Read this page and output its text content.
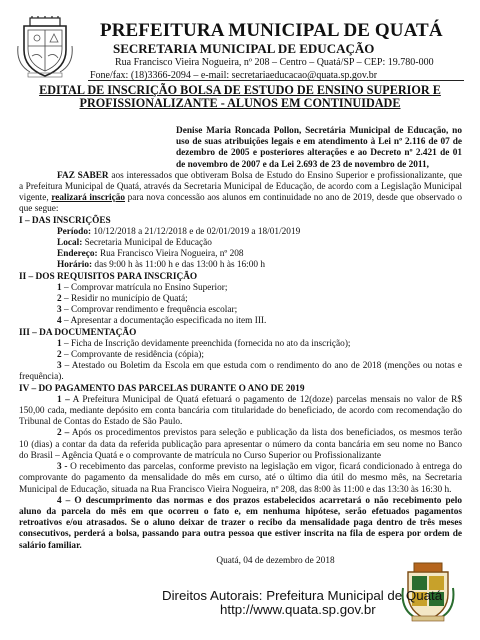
PREFEITURA MUNICIPAL DE QUATÁ
SECRETARIA MUNICIPAL DE EDUCAÇÃO
Rua Francisco Vieira Nogueira, nº 208 – Centro – Quatá/SP – CEP: 19.780-000
Fone/fax: (18)3366-2094 – e-mail: secretariaeducacao@quata.sp.gov.br
EDITAL DE INSCRIÇÃO BOLSA DE ESTUDO DE ENSINO SUPERIOR E
PROFISSIONALIZANTE - ALUNOS EM CONTINUIDADE

Denise Maria Roncada Pollon, Secretária Municipal de Educação, no uso de suas atribuições legais e em atendimento à Lei nº 2.116 de 07 de dezembro de 2005 e posteriores alterações e ao Decreto nº 2.421 de 01 de novembro de 2007 e da Lei 2.693 de 23 de novembro de 2011,

FAZ SABER aos interessados que obtiveram Bolsa de Estudo do Ensino Superior e profissionalizante, que a Prefeitura Municipal de Quatá, através da Secretaria Municipal de Educação, de acordo com a Legislação Municipal vigente, realizará inscrição para nova concessão aos alunos em continuidade no ano de 2019, desde que observado o que segue:

I – DAS INSCRIÇÕES

Período: 10/12/2018 a 21/12/2018 e de 02/01/2019 a 18/01/2019

Local: Secretaria Municipal de Educação

Endereço: Rua Francisco Vieira Nogueira, nº 208

Horário: das 9:00 h às 11:00 h e das 13:00 h às 16:00 h

II – DOS REQUISITOS PARA INSCRIÇÃO

1 – Comprovar matrícula no Ensino Superior;

2 – Residir no município de Quatá;

3 – Comprovar rendimento e frequência escolar;

4 – Apresentar a documentação especificada no item III.

III – DA DOCUMENTAÇÃO

1 – Ficha de Inscrição devidamente preenchida (fornecida no ato da inscrição);

2 – Comprovante de residência (cópia);

3 – Atestado ou Boletim da Escola em que estuda com o rendimento do ano de 2018 (menções ou notas e frequência).

IV – DO PAGAMENTO DAS PARCELAS DURANTE O ANO DE 2019

1 – A Prefeitura Municipal de Quatá efetuará o pagamento de 12(doze) parcelas mensais no valor de R$ 150,00 cada, mediante depósito em conta bancária com titularidade do beneficiado, de acordo com recomendação do Tribunal de Contas do Estado de São Paulo.

2 – Após os procedimentos previstos para seleção e publicação da lista dos beneficiados, os mesmos terão 10 (dias) a contar da data da referida publicação para apresentar o número da conta bancária em seu nome no Banco do Brasil – Agência Quatá e o comprovante de matrícula no Curso Superior ou Profissionalizante

3 - O recebimento das parcelas, conforme previsto na legislação em vigor, ficará condicionado à entrega do comprovante do pagamento da mensalidade do mês em curso, até o último dia útil do mesmo mês, na Secretaria Municipal de Educação, situada na Rua Francisco Vieira Nogueira, nº 208, das 8:00 às 11:00 e das 13:30 às 16:30 h.

4 – O descumprimento das normas e dos prazos estabelecidos acarretará o não recebimento pelo aluno da parcela do mês em que ocorreu o fato e, em nenhuma hipótese, serão efetuados pagamentos retroativos e/ou atrasados. Se o aluno deixar de trazer o recibo da mensalidade paga dentro de três meses consecutivos, perderá a bolsa, passando para outra pessoa que estiver inscrita na fila de espera por ordem de salário familiar.

Quatá, 04 de dezembro de 2018

Direitos Autorais: Prefeitura Municipal de Quatá
http://www.quata.sp.gov.br
